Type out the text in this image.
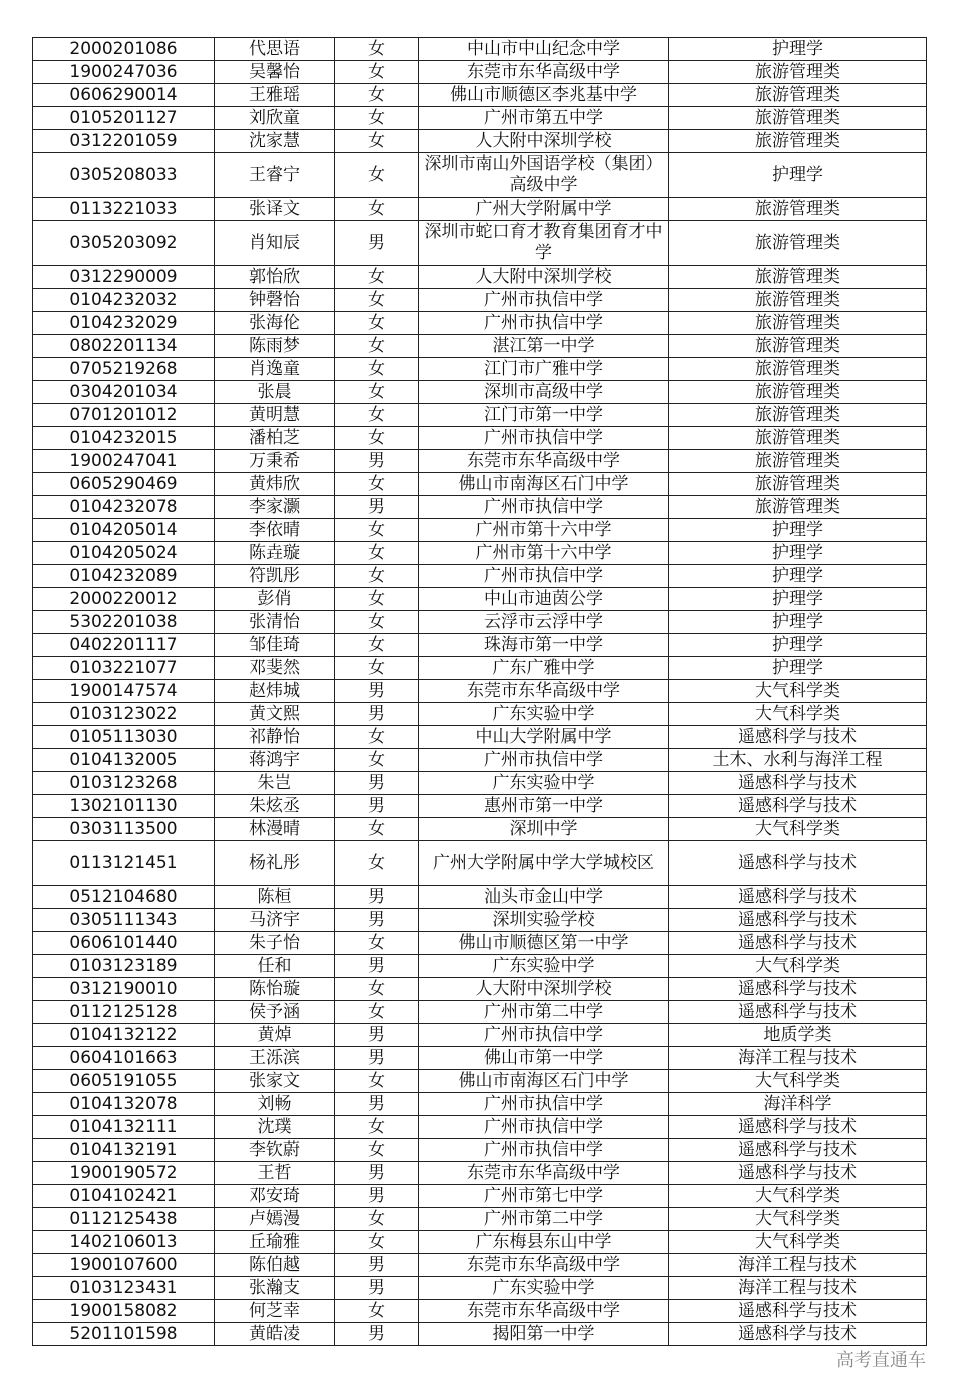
2000201086	代思语	女	中山市中山纪念中学	护理学
1900247036	吴馨怡	女	东莞市东华高级中学	旅游管理类
0606290014	王雅瑶	女	佛山市顺德区李兆基中学	旅游管理类
0105201127	刘欣童	女	广州市第五中学	旅游管理类
0312201059	沈家慧	女	人大附中深圳学校	旅游管理类
0305208033	王睿宁	女	深圳市南山外国语学校（集团）高级中学	护理学
0113221033	张译文	女	广州大学附属中学	旅游管理类
0305203092	肖知辰	男	深圳市蛇口育才教育集团育才中学	旅游管理类
0312290009	郭怡欣	女	人大附中深圳学校	旅游管理类
0104232032	钟磬怡	女	广州市执信中学	旅游管理类
0104232029	张海伦	女	广州市执信中学	旅游管理类
0802201134	陈雨梦	女	湛江第一中学	旅游管理类
0705219268	肖逸童	女	江门市广雅中学	旅游管理类
0304201034	张晨	女	深圳市高级中学	旅游管理类
0701201012	黄明慧	女	江门市第一中学	旅游管理类
0104232015	潘柏芝	女	广州市执信中学	旅游管理类
1900247041	万秉希	男	东莞市东华高级中学	旅游管理类
0605290469	黄炜欣	女	佛山市南海区石门中学	旅游管理类
0104232078	李家灏	男	广州市执信中学	旅游管理类
0104205014	李依晴	女	广州市第十六中学	护理学
0104205024	陈垚璇	女	广州市第十六中学	护理学
0104232089	符凯彤	女	广州市执信中学	护理学
2000220012	彭俏	女	中山市迪茵公学	护理学
5302201038	张清怡	女	云浮市云浮中学	护理学
0402201117	邹佳琦	女	珠海市第一中学	护理学
0103221077	邓斐然	女	广东广雅中学	护理学
1900147574	赵炜城	男	东莞市东华高级中学	大气科学类
0103123022	黄文熙	男	广东实验中学	大气科学类
0105113030	祁静怡	女	中山大学附属中学	遥感科学与技术
0104132005	蒋鸿宇	女	广州市执信中学	土木、水利与海洋工程
0103123268	朱岂	男	广东实验中学	遥感科学与技术
1302101130	朱炫丞	男	惠州市第一中学	遥感科学与技术
0303113500	林漫晴	女	深圳中学	大气科学类
0113121451	杨礼彤	女	广州大学附属中学大学城校区	遥感科学与技术
0512104680	陈桓	男	汕头市金山中学	遥感科学与技术
0305111343	马济宇	男	深圳实验学校	遥感科学与技术
0606101440	朱子怡	女	佛山市顺德区第一中学	遥感科学与技术
0103123189	任和	男	广东实验中学	大气科学类
0312190010	陈怡璇	女	人大附中深圳学校	遥感科学与技术
0112125128	侯予涵	女	广州市第二中学	遥感科学与技术
0104132122	黄焯	男	广州市执信中学	地质学类
0604101663	王泺滨	男	佛山市第一中学	海洋工程与技术
0605191055	张家文	女	佛山市南海区石门中学	大气科学类
0104132078	刘畅	男	广州市执信中学	海洋科学
0104132111	沈璞	女	广州市执信中学	遥感科学与技术
0104132191	李钦蔚	女	广州市执信中学	遥感科学与技术
1900190572	王哲	男	东莞市东华高级中学	遥感科学与技术
0104102421	邓安琦	男	广州市第七中学	大气科学类
0112125438	卢嫣漫	女	广州市第二中学	大气科学类
1402106013	丘瑜雅	女	广东梅县东山中学	大气科学类
1900107600	陈伯越	男	东莞市东华高级中学	海洋工程与技术
0103123431	张瀚支	男	广东实验中学	海洋工程与技术
1900158082	何芝幸	女	东莞市东华高级中学	遥感科学与技术
5201101598	黄皓凌	男	揭阳第一中学	遥感科学与技术
高考直通车
